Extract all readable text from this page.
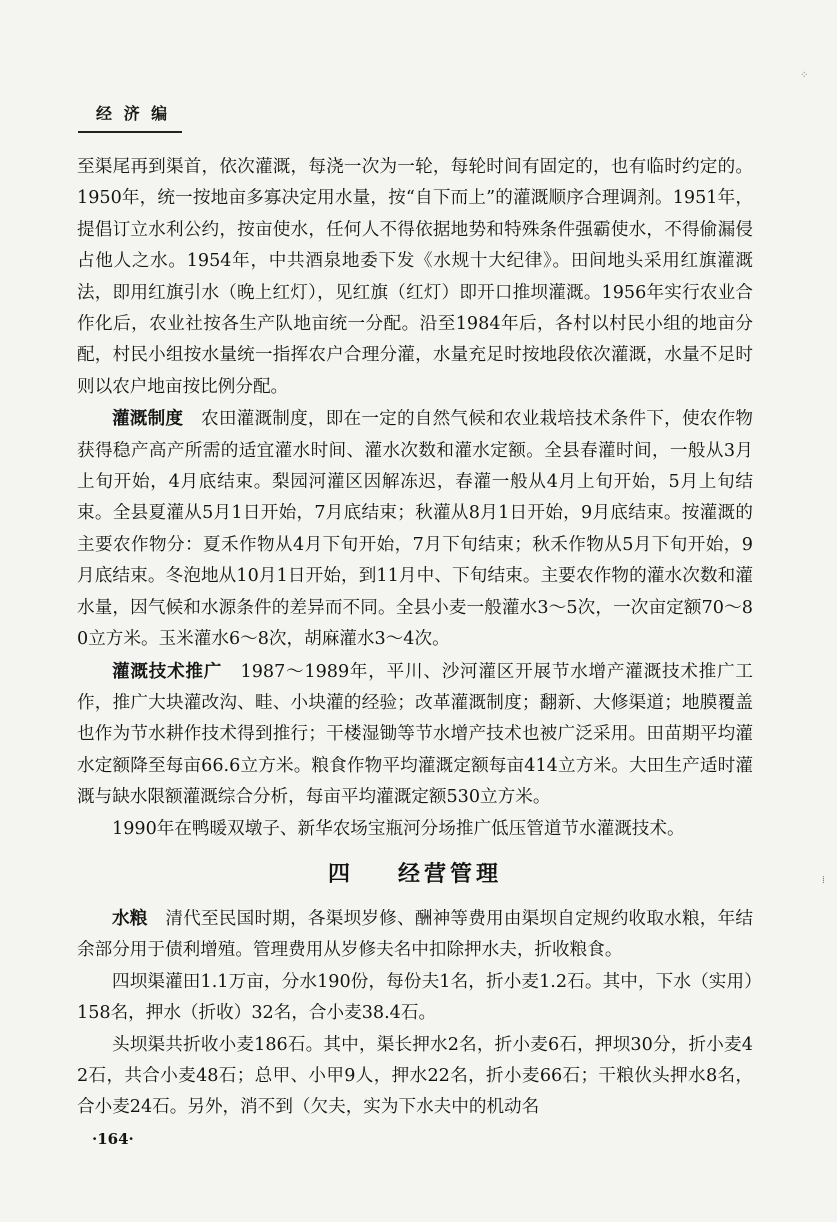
经 济 编

至渠尾再到渠首，依次灌溉，每浇一次为一轮，每轮时间有固定的，也有临时约定的。1950年，统一按地亩多寡决定用水量，按“自下而上”的灌溉顺序合理调剂。1951年，提倡订立水利公约，按亩使水，任何人不得依据地势和特殊条件强霸使水，不得偷漏侵占他人之水。1954年，中共酒泉地委下发《水规十大纪律》。田间地头采用红旗灌溉法，即用红旗引水（晚上红灯），见红旗（红灯）即开口推坝灌溉。1956年实行农业合作化后，农业社按各生产队地亩统一分配。沿至1984年后，各村以村民小组的地亩分配，村民小组按水量统一指挥农户合理分灌，水量充足时按地段依次灌溉，水量不足时则以农户地亩按比例分配。

灌溉制度　农田灌溉制度，即在一定的自然气候和农业栽培技术条件下，使农作物获得稳产高产所需的适宜灌水时间、灌水次数和灌水定额。全县春灌时间，一般从3月上旬开始，4月底结束。梨园河灌区因解冻迟，春灌一般从4月上旬开始，5月上旬结束。全县夏灌从5月1日开始，7月底结束；秋灌从8月1日开始，9月底结束。按灌溉的主要农作物分：夏禾作物从4月下旬开始，7月下旬结束；秋禾作物从5月下旬开始，9月底结束。冬泡地从10月1日开始，到11月中、下旬结束。主要农作物的灌水次数和灌水量，因气候和水源条件的差异而不同。全县小麦一般灌水3～5次，一次亩定额70～80立方米。玉米灌水6～8次，胡麻灌水3～4次。

灌溉技术推广　1987～1989年，平川、沙河灌区开展节水增产灌溉技术推广工作，推广大块灌改沟、畦、小块灌的经验；改革灌溉制度；翻新、大修渠道；地膜覆盖也作为节水耕作技术得到推行；干楼湿锄等节水增产技术也被广泛采用。田苗期平均灌水定额降至每亩66.6立方米。粮食作物平均灌溉定额每亩414立方米。大田生产适时灌溉与缺水限额灌溉综合分析，每亩平均灌溉定额530立方米。

1990年在鸭暖双墩子、新华农场宝瓶河分场推广低压管道节水灌溉技术。

四 经营管理

水粮　清代至民国时期，各渠坝岁修、酬神等费用由渠坝自定规约收取水粮，年结余部分用于债利增殖。管理费用从岁修夫名中扣除押水夫，折收粮食。

四坝渠灌田1.1万亩，分水190份，每份夫1名，折小麦1.2石。其中，下水（实用）158名，押水（折收）32名，合小麦38.4石。

头坝渠共折收小麦186石。其中，渠长押水2名，折小麦6石，押坝30分，折小麦42石，共合小麦48石；总甲、小甲9人，押水22名，折小麦66石；干粮伙头押水8名，合小麦24石。另外，消不到（欠夫，实为下水夫中的机动名

·164·
⁘
⁞
